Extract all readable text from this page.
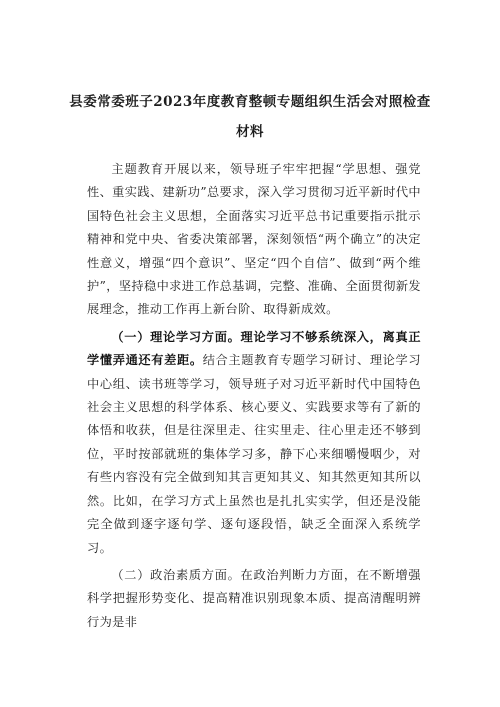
县委常委班子2023年度教育整顿专题组织生活会对照检查
材料

主题教育开展以来，领导班子牢牢把握“学思想、强党性、重实践、建新功”总要求，深入学习贯彻习近平新时代中国特色社会主义思想，全面落实习近平总书记重要指示批示精神和党中央、省委决策部署，深刻领悟“两个确立”的决定性意义，增强“四个意识”、坚定“四个自信”、做到“两个维护”，坚持稳中求进工作总基调，完整、准确、全面贯彻新发展理念，推动工作再上新台阶、取得新成效。

（一）理论学习方面。理论学习不够系统深入，离真正学懂弄通还有差距。结合主题教育专题学习研讨、理论学习中心组、读书班等学习，领导班子对习近平新时代中国特色社会主义思想的科学体系、核心要义、实践要求等有了新的体悟和收获，但是往深里走、往实里走、往心里走还不够到位，平时按部就班的集体学习多，静下心来细嚼慢咽少，对有些内容没有完全做到知其言更知其义、知其然更知其所以然。比如，在学习方式上虽然也是扎扎实实学，但还是没能完全做到逐字逐句学、逐句逐段悟，缺乏全面深入系统学习。

（二）政治素质方面。在政治判断力方面，在不断增强科学把握形势变化、提高精准识别现象本质、提高清醒明辨行为是非
